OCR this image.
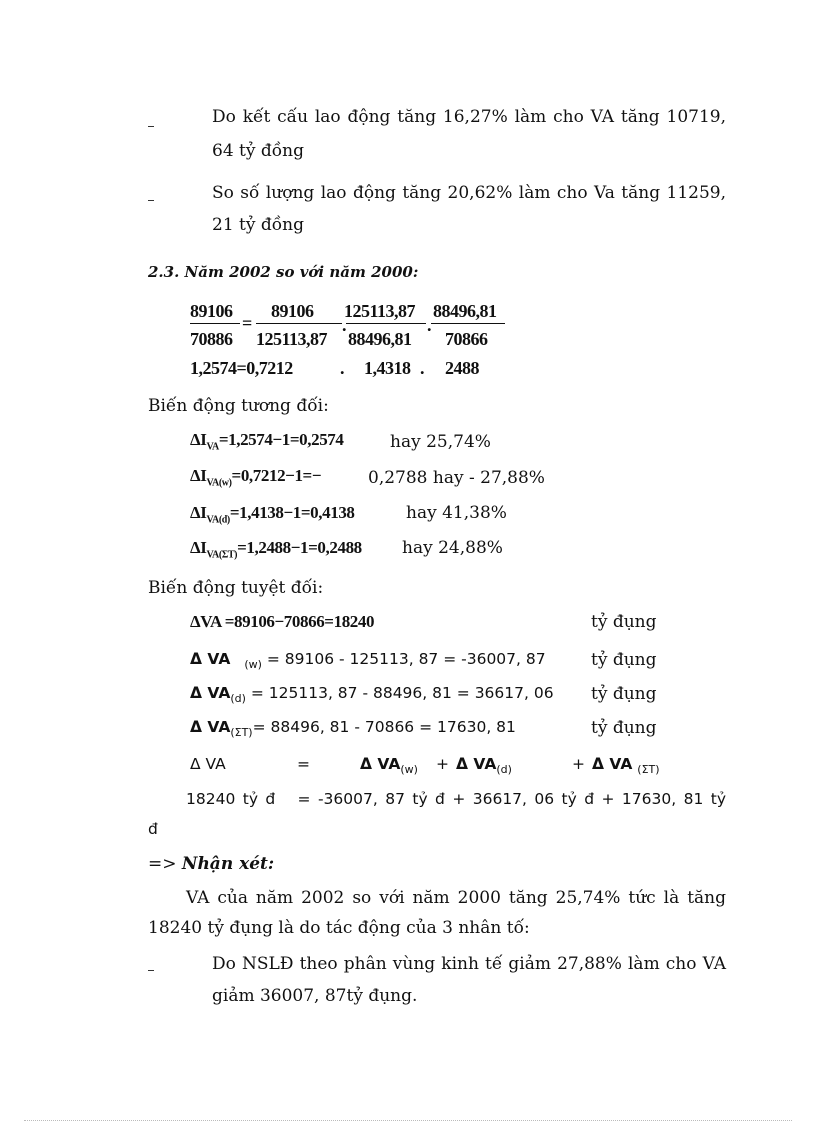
Do kết cấu lao động tăng 16,27% làm cho VA tăng 10719,
64 tỷ đồng
So số lượng lao động tăng 20,62% làm cho Va tăng 11259,
21 tỷ đồng
2.3. Năm 2002 so với năm 2000:
89106
70886
=
89106
125113,87
.
125113,87
88496,81
.
88496,81
70866
1,2574=0,7212	. 1,4318 . 2488
Biến động tương đối:
$\Delta I_{VA}=1,2574-1=0,2574$	hay 25,74%
$\Delta I_{VA(w)}=0,7212-1=-$	0,2788 hay - 27,88%
$\Delta I_{VA(d)}=1,4138-1=0,4138$	hay 41,38%
$\Delta I_{VA(\Sigma T)}=1,2488-1=0,2488$ hay 24,88%
Biến động tuyệt đối:
ΔVA =89106−70866=18240	tỷ đụng
Δ VA $_{(w)}$ = 89106 - 125113, 87 = -36007, 87	tỷ đụng
Δ $VA_{(d)} = 125113$, 87 - 88496, 81 = 36617, 06 tỷ đụng
Δ $VA_{(\Sigma T)}= 88496$, 81 - 70866 = 17630, 81	tỷ đụng
Δ VA	=	Δ $VA_{(w)} + \Delta$ $VA_{(d)}$	+ Δ VA $_{(\Sigma T)}$
18240 tỷ đ   = -36007, 87 tỷ đ + 36617, 06 tỷ đ + 17630, 81 tỷ
đ
=> Nhận xét:
VA của năm 2002 so với năm 2000 tăng 25,74% tức là tăng
18240 tỷ đụng là do tác động của 3 nhân tố:
Do NSLĐ theo phân vùng kinh tế giảm 27,88% làm cho VA
giảm 36007, 87tỷ đụng.
